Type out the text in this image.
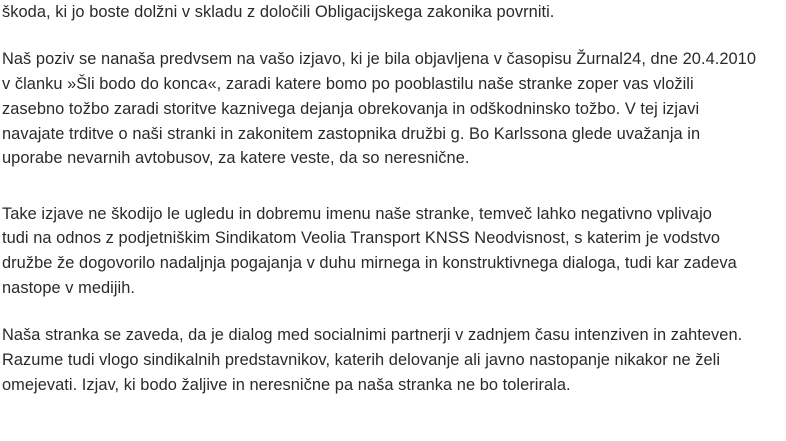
škoda, ki jo boste dolžni v skladu z določili Obligacijskega zakonika povrniti.
Naš poziv se nanaša predvsem na vašo izjavo, ki je bila objavljena v časopisu Žurnal24, dne 20.4.2010
v članku »Šli bodo do konca«, zaradi katere bomo po pooblastilu naše stranke zoper vas vložili
zasebno tožbo zaradi storitve kaznivega dejanja obrekovanja in odškodninsko tožbo. V tej izjavi
navajate trditve o naši stranki in zakonitem zastopnika družbi g. Bo Karlssona glede uvažanja in
uporabe nevarnih avtobusov, za katere veste, da so neresnične.
Take izjave ne škodijo le ugledu in dobremu imenu naše stranke, temveč lahko negativno vplivajo
tudi na odnos z podjetniškim Sindikatom Veolia Transport KNSS Neodvisnost, s katerim je vodstvo
družbe že dogovorilo nadaljnja pogajanja v duhu mirnega in konstruktivnega dialoga, tudi kar zadeva
nastope v medijih.
Naša stranka se zaveda, da je dialog med socialnimi partnerji v zadnjem času intenziven in zahteven.
Razume tudi vlogo sindikalnih predstavnikov, katerih delovanje ali javno nastopanje nikakor ne želi
omejevati. Izjav, ki bodo žaljive in neresnične pa naša stranka ne bo tolerirala.
